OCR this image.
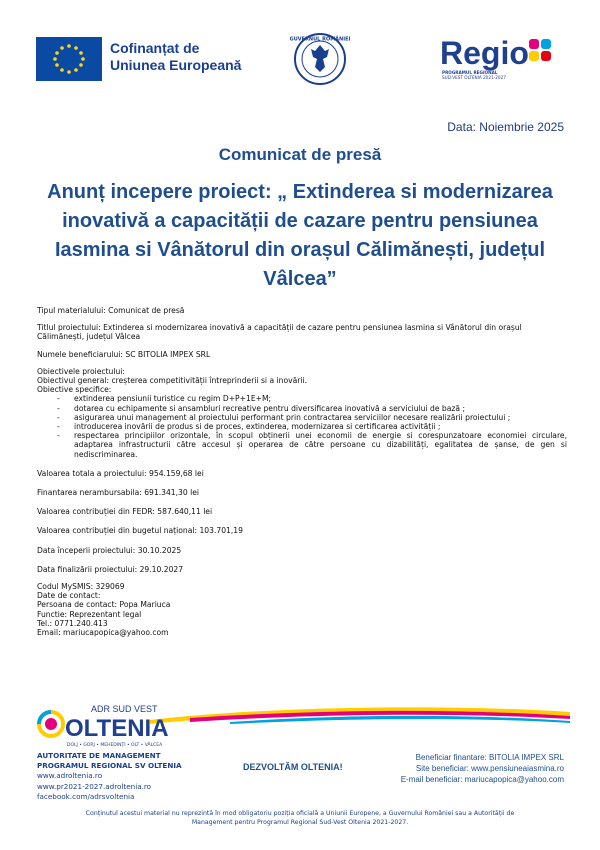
Cofinanțat de
Uniunea Europeană
GUVERNUL ROMÂNIEI	Regio
PROGRAMUL REGIONAL
SUD-VEST OLTENIA 2021-2027
Data: Noiembrie 2025
Comunicat de presă
Anunț incepere proiect: „ Extinderea si modernizarea inovativă a capacității de cazare pentru pensiunea Iasmina si Vânătorul din orașul Călimănești, județul Vâlcea”

Tipul materialului: Comunicat de presă

Titlul proiectului: Extinderea si modernizarea inovativă a capacității de cazare pentru pensiunea Iasmina si Vânătorul din orașul Călimănești, județul Vâlcea

Numele beneficiarului: SC BITOLIA IMPEX SRL

Obiectivele proiectului:

Obiectivul general: creșterea competitivității întreprinderii si a inovării.

Obiective specifice:

- extinderea pensiunii turistice cu regim D+P+1E+M;
- dotarea cu echipamente si ansambluri recreative pentru diversificarea inovativă a serviciului de bază ;
- asigurarea unui management al proiectului performant prin contractarea serviciilor necesare realizării proiectului ;
- introducerea inovării de produs si de proces, extinderea, modernizarea si certificarea activității ;
- respectarea principiilor orizontale, în scopul obținerii unei economii de energie si corespunzatoare economiei circulare, adaptarea infrastructurii către accesul și operarea de către persoane cu dizabilități, egalitatea de șanse, de gen si nediscriminarea.

Valoarea totala a proiectului: 954.159,68 lei

Finantarea nerambursabila: 691.341,30 lei

Valoarea contribuției din FEDR: 587.640,11 lei

Valoarea contribuției din bugetul național: 103.701,19

Data începerii proiectului: 30.10.2025

Data finalizării proiectului: 29.10.2027

Codul MySMIS: 329069

Date de contact:

Persoana de contact: Popa Mariuca

Functie: Reprezentant legal

Tel.: 0771.240.413

Email: mariucapopica@yahoo.com

ADR SUD VEST
OLTENIA
DOLJ • GORJ • MEHEDINȚI • OLT • VÂLCEA
AUTORITATE DE MANAGEMENT
PROGRAMUL REGIONAL SV OLTENIA
www.adroltenia.ro
www.pr2021-2027.adroltenia.ro
facebook.com/adrsvoltenia
DEZVOLTĂM OLTENIA!
Beneficiar finantare: BITOLIA IMPEX SRL
Site beneficiar: www.pensiuneaiasmina.ro
E-mail beneficiar: mariucapopica@yahoo.com
Conținutul acestui material nu reprezintă în mod obligatoriu poziția oficială a Uniunii Europene, a Guvernului României sau a Autorității de Management pentru Programul Regional Sud-Vest Oltenia 2021-2027.
